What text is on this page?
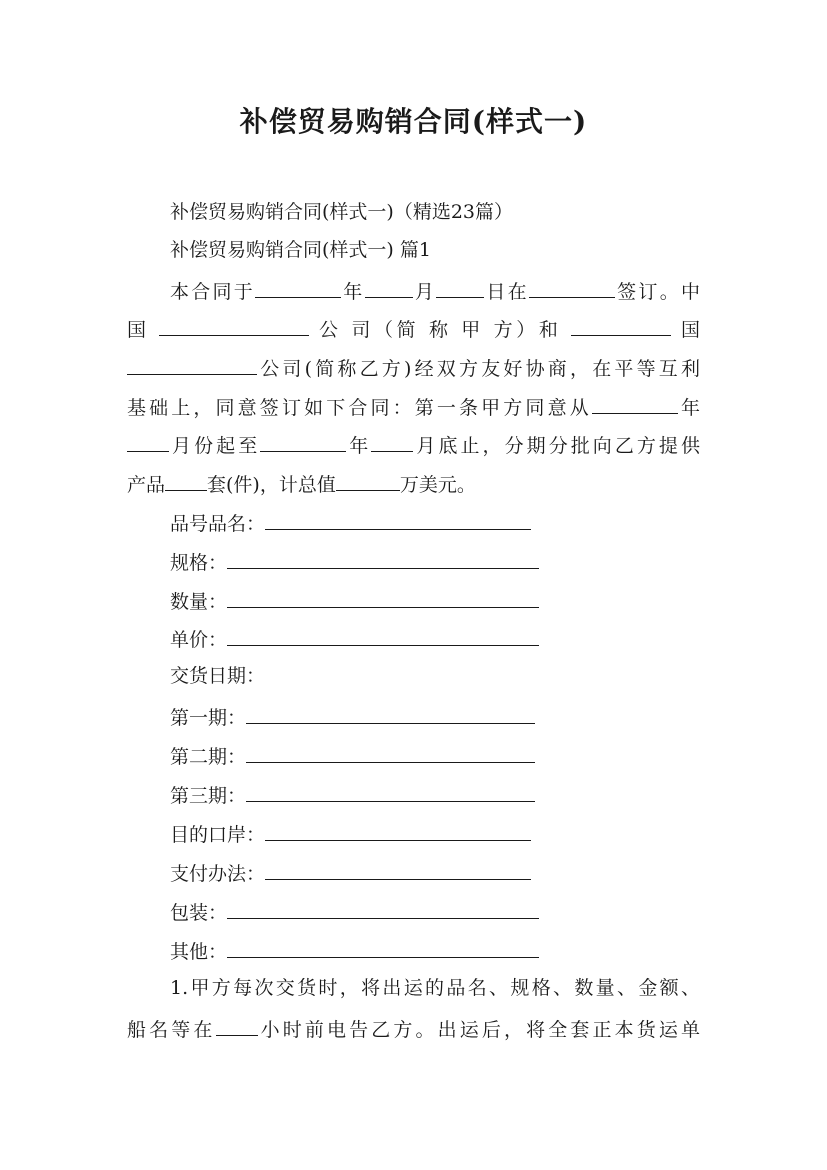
补偿贸易购销合同(样式一)
补偿贸易购销合同(样式一)（精选23篇）
补偿贸易购销合同(样式一) 篇1
本合同于	年	月	日在	签订。中
国	公 司（简 称 甲 方）和	国
公司(简称乙方)经双方友好协商，在平等互利
基础上，同意签订如下合同：第一条甲方同意从	年
月份起至	年 月底止，分期分批向乙方提供
产品 套(件)，计总值	万美元。
品号品名：
规格：
数量：
单价：
交货日期：
第一期：
第二期：
第三期：
目的口岸：
支付办法：
包装：
其他：
1.甲方每次交货时，将出运的品名、规格、数量、金额、
船名等在 小时前电告乙方。出运后，将全套正本货运单
